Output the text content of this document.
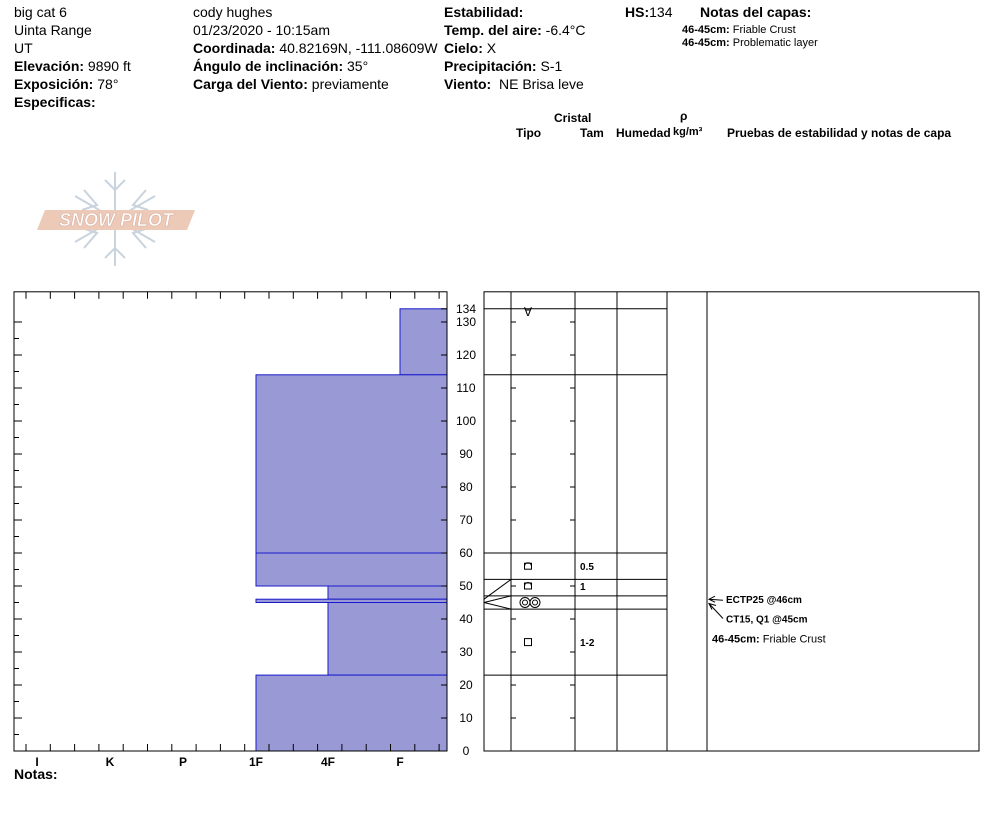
big cat 6
Uinta Range
UT
Elevación: 9890 ft
Exposición: 78°
Especificas:
cody hughes
01/23/2020 - 10:15am
Coordinada: 40.82169N, -111.08609W
Ángulo de inclinación: 35°
Carga del Viento: previamente
Estabilidad:
Temp. del aire: -6.4°C
Cielo: X
Precipitación: S-1
Viento: NE Brisa leve
HS:134 Notas del capas:
46-45cm: Friable Crust
46-45cm: Problematic layer
Cristal
Tipo	Tam Humedad
ρ
kg/m³ Pruebas de estabilidad y notas de capa
SNOW PILOT
0
10
20
30
40
50
60
70
80
90
100
110
120
130
134
I	K	P	1F	4F	F
∀
0.5
1
1-2
ECTP25 @46cm
CT15, Q1 @45cm
46-45cm: Friable Crust
Notas:
